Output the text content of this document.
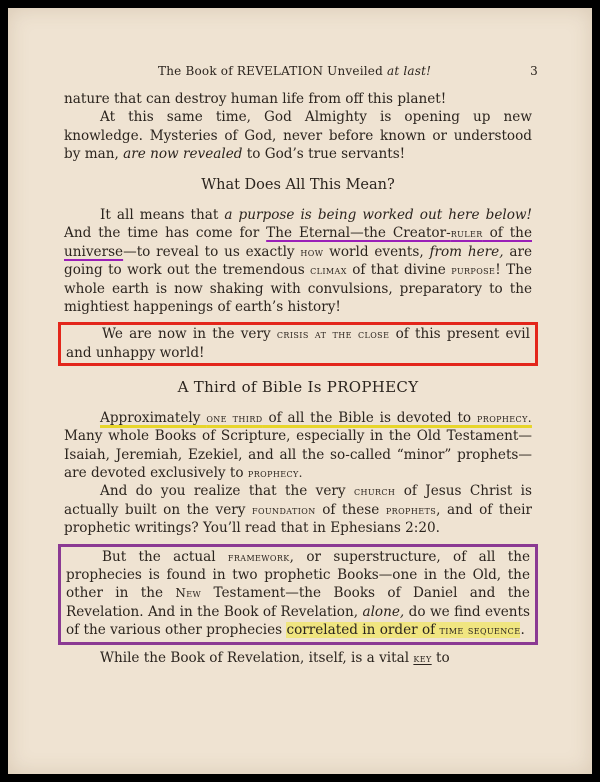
The Book of REVELATION Unveiled at last!	3

nature that can destroy human life from off this planet!

At this same time, God Almighty is opening up new knowledge. Mysteries of God, never before known or understood by man, are now revealed to God’s true servants!

What Does All This Mean?

It all means that a purpose is being worked out here below! And the time has come for The Eternal—the Creator-ruler of the universe—to reveal to us exactly how world events, from here, are going to work out the tremendous climax of that divine purpose! The whole earth is now shaking with convulsions, preparatory to the mightiest happenings of earth’s history!

We are now in the very crisis at the close of this present evil and unhappy world!

A Third of Bible Is PROPHECY

Approximately one third of all the Bible is devoted to prophecy. Many whole Books of Scripture, especially in the Old Testament—Isaiah, Jeremiah, Ezekiel, and all the so-called “minor” prophets—are devoted exclusively to prophecy.

And do you realize that the very church of Jesus Christ is actually built on the very foundation of these prophets, and of their prophetic writings? You’ll read that in Ephesians 2:20.

But the actual framework, or superstructure, of all the prophecies is found in two prophetic Books—one in the Old, the other in the New Testament—the Books of Daniel and the Revelation. And in the Book of Revelation, alone, do we find events of the various other prophecies correlated in order of time sequence.

While the Book of Revelation, itself, is a vital key to
